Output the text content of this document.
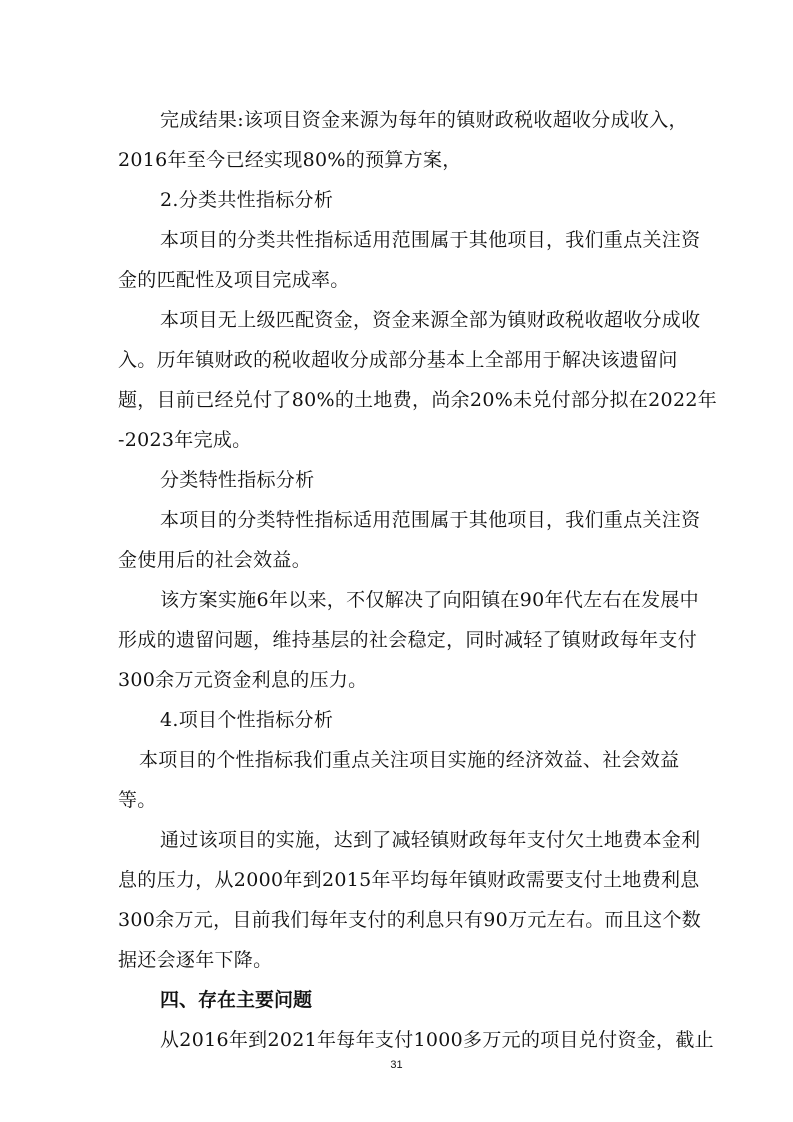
完成结果:该项目资金来源为每年的镇财政税收超收分成收入，
2016年至今已经实现80%的预算方案，
2.分类共性指标分析
本项目的分类共性指标适用范围属于其他项目，我们重点关注资
金的匹配性及项目完成率。
本项目无上级匹配资金，资金来源全部为镇财政税收超收分成收
入。历年镇财政的税收超收分成部分基本上全部用于解决该遗留问
题，目前已经兑付了80%的土地费，尚余20%未兑付部分拟在2022年
-2023年完成。
分类特性指标分析
本项目的分类特性指标适用范围属于其他项目，我们重点关注资
金使用后的社会效益。
该方案实施6年以来，不仅解决了向阳镇在90年代左右在发展中
形成的遗留问题，维持基层的社会稳定，同时减轻了镇财政每年支付
300余万元资金利息的压力。
4.项目个性指标分析
本项目的个性指标我们重点关注项目实施的经济效益、社会效益
等。
通过该项目的实施，达到了减轻镇财政每年支付欠土地费本金利
息的压力，从2000年到2015年平均每年镇财政需要支付土地费利息
300余万元，目前我们每年支付的利息只有90万元左右。而且这个数
据还会逐年下降。
四、存在主要问题
从2016年到2021年每年支付1000多万元的项目兑付资金，截止
31
